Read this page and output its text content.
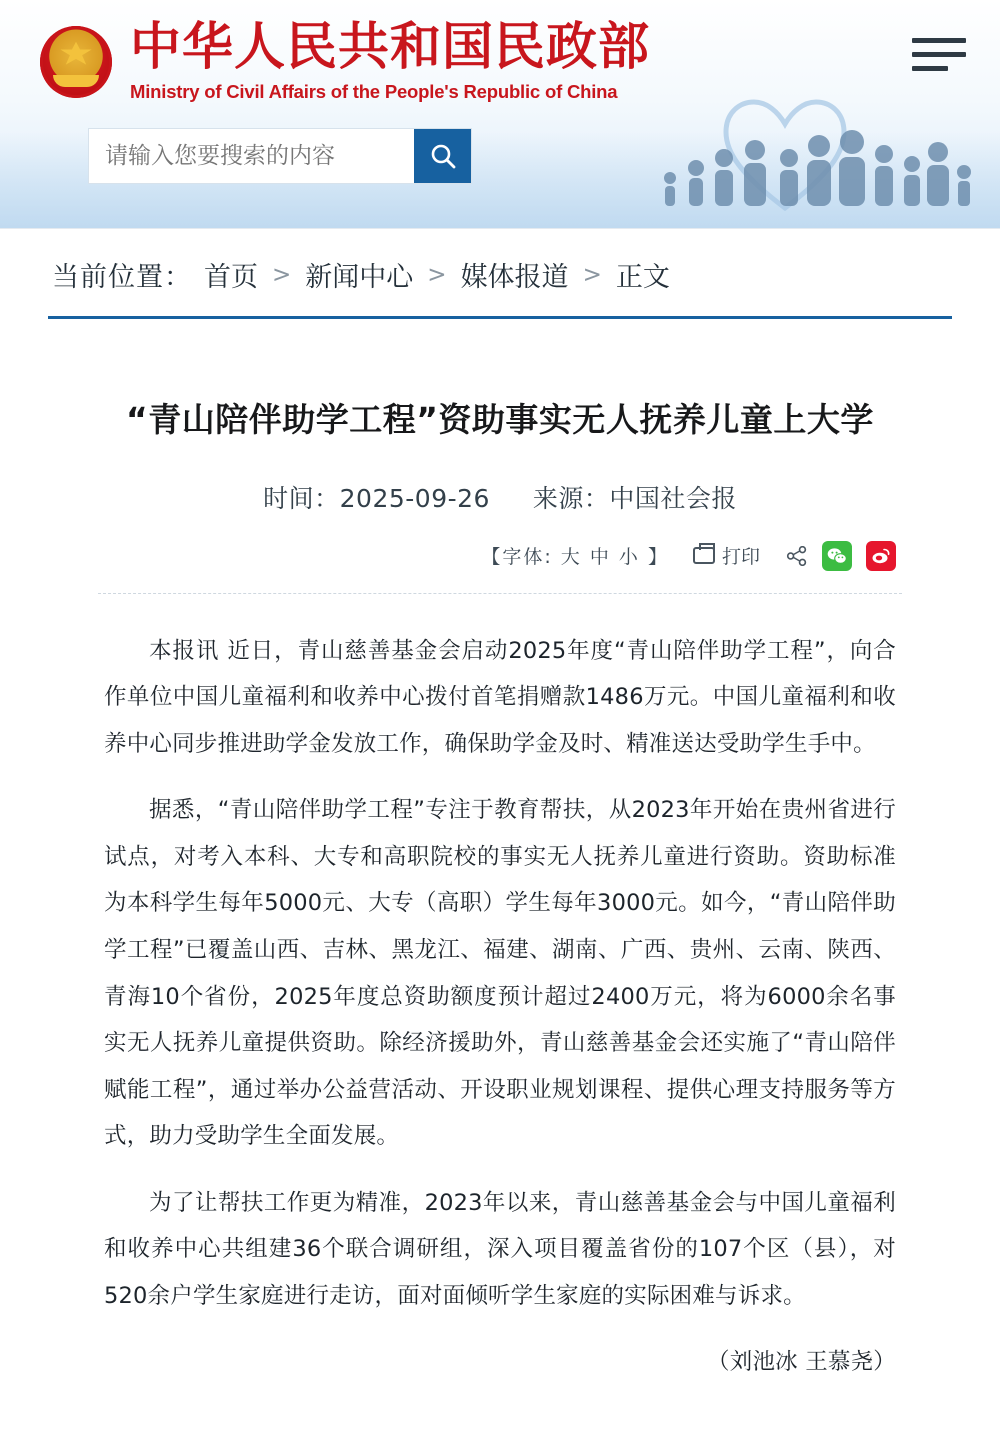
中华人民共和国民政部
Ministry of Civil Affairs of the People's Republic of China
请输入您要搜索的内容
当前位置： 首页 > 新闻中心 > 媒体报道 > 正文
“青山陪伴助学工程”资助事实无人抚养儿童上大学
时间：2025-09-26 来源：中国社会报
【字体: 大 中 小 】	打印

本报讯 近日，青山慈善基金会启动2025年度“青山陪伴助学工程”，向合作单位中国儿童福利和收养中心拨付首笔捐赠款1486万元。中国儿童福利和收养中心同步推进助学金发放工作，确保助学金及时、精准送达受助学生手中。

据悉，“青山陪伴助学工程”专注于教育帮扶，从2023年开始在贵州省进行试点，对考入本科、大专和高职院校的事实无人抚养儿童进行资助。资助标准为本科学生每年5000元、大专（高职）学生每年3000元。如今，“青山陪伴助学工程”已覆盖山西、吉林、黑龙江、福建、湖南、广西、贵州、云南、陕西、青海10个省份，2025年度总资助额度预计超过2400万元，将为6000余名事实无人抚养儿童提供资助。除经济援助外，青山慈善基金会还实施了“青山陪伴赋能工程”，通过举办公益营活动、开设职业规划课程、提供心理支持服务等方式，助力受助学生全面发展。

为了让帮扶工作更为精准，2023年以来，青山慈善基金会与中国儿童福利和收养中心共组建36个联合调研组，深入项目覆盖省份的107个区（县），对520余户学生家庭进行走访，面对面倾听学生家庭的实际困难与诉求。

（刘池冰 王慕尧）
